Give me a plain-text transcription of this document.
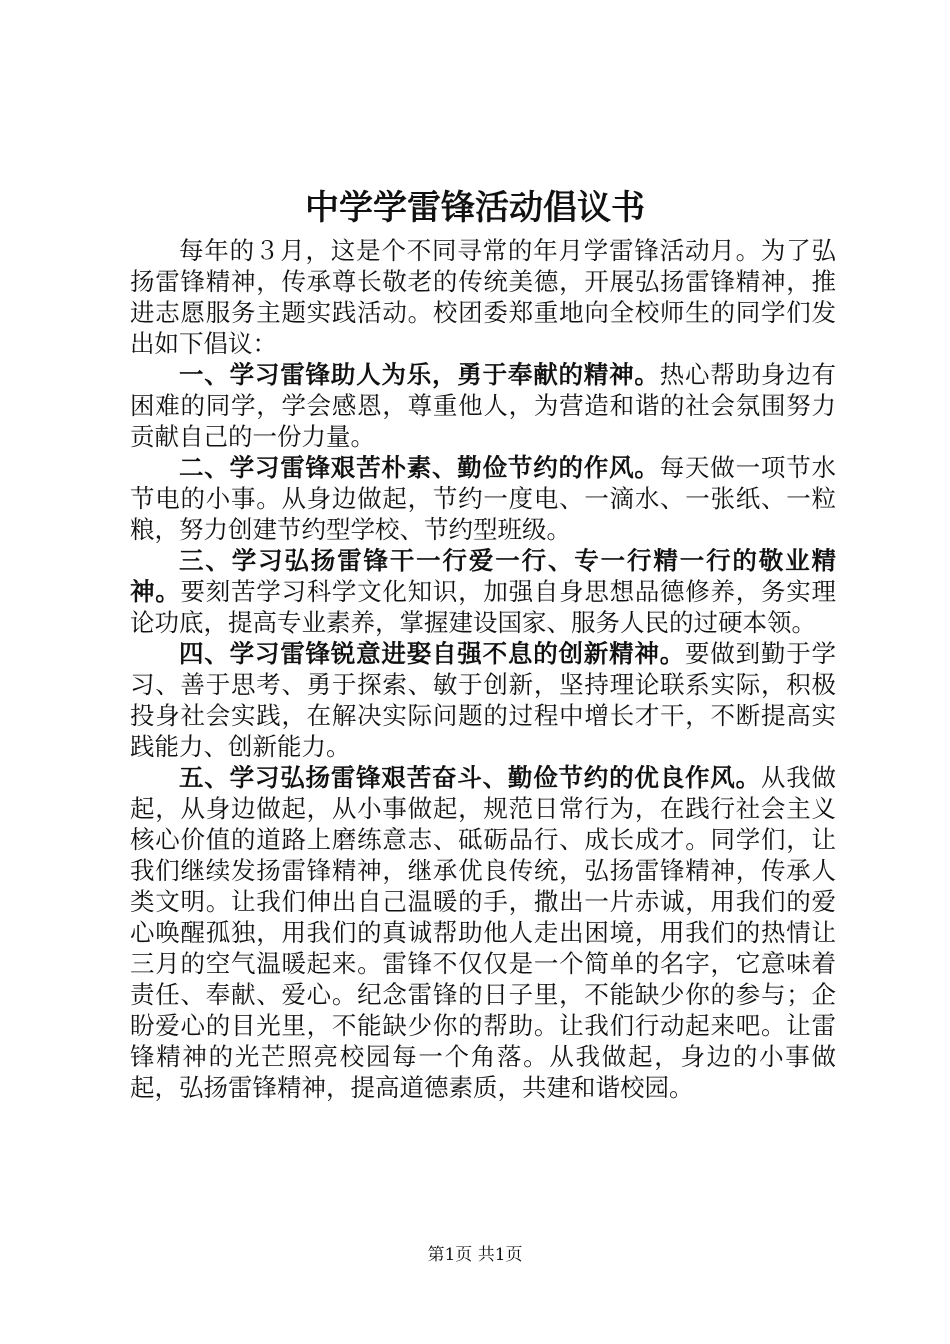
中学学雷锋活动倡议书

每年的３月，这是个不同寻常的年月学雷锋活动月。为了弘扬雷锋精神，传承尊长敬老的传统美德，开展弘扬雷锋精神，推进志愿服务主题实践活动。校团委郑重地向全校师生的同学们发出如下倡议：

一、学习雷锋助人为乐，勇于奉献的精神。热心帮助身边有困难的同学，学会感恩，尊重他人，为营造和谐的社会氛围努力贡献自己的一份力量。

二、学习雷锋艰苦朴素、勤俭节约的作风。每天做一项节水节电的小事。从身边做起，节约一度电、一滴水、一张纸、一粒粮，努力创建节约型学校、节约型班级。

三、学习弘扬雷锋干一行爱一行、专一行精一行的敬业精神。要刻苦学习科学文化知识，加强自身思想品德修养，务实理论功底，提高专业素养，掌握建设国家、服务人民的过硬本领。

四、学习雷锋锐意进娶自强不息的创新精神。要做到勤于学习、善于思考、勇于探索、敏于创新，坚持理论联系实际，积极投身社会实践，在解决实际问题的过程中增长才干，不断提高实践能力、创新能力。

五、学习弘扬雷锋艰苦奋斗、勤俭节约的优良作风。从我做起，从身边做起，从小事做起，规范日常行为，在践行社会主义核心价值的道路上磨练意志、砥砺品行、成长成才。同学们，让我们继续发扬雷锋精神，继承优良传统，弘扬雷锋精神，传承人类文明。让我们伸出自己温暖的手，撒出一片赤诚，用我们的爱心唤醒孤独，用我们的真诚帮助他人走出困境，用我们的热情让三月的空气温暖起来。雷锋不仅仅是一个简单的名字，它意味着责任、奉献、爱心。纪念雷锋的日子里，不能缺少你的参与；企盼爱心的目光里，不能缺少你的帮助。让我们行动起来吧。让雷锋精神的光芒照亮校园每一个角落。从我做起，身边的小事做起，弘扬雷锋精神，提高道德素质，共建和谐校园。

第1页 共1页
